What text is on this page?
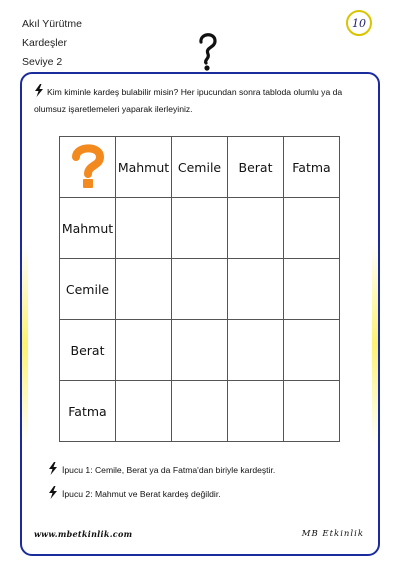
Akıl Yürütme
Kardeşler
Seviye 2
10
Kim kiminle kardeş bulabilir misin? Her ipucundan sonra tabloda olumlu ya da olumsuz işaretlemeleri yaparak ilerleyiniz.
	Mahmut	Cemile	Berat	Fatma
Mahmut				
Cemile				
Berat				
Fatma				
İpucu 1: Cemile, Berat ya da Fatma'dan biriyle kardeştir.
İpucu 2: Mahmut ve Berat kardeş değildir.
www.mbetkinlik.com	MB Etkinlik
